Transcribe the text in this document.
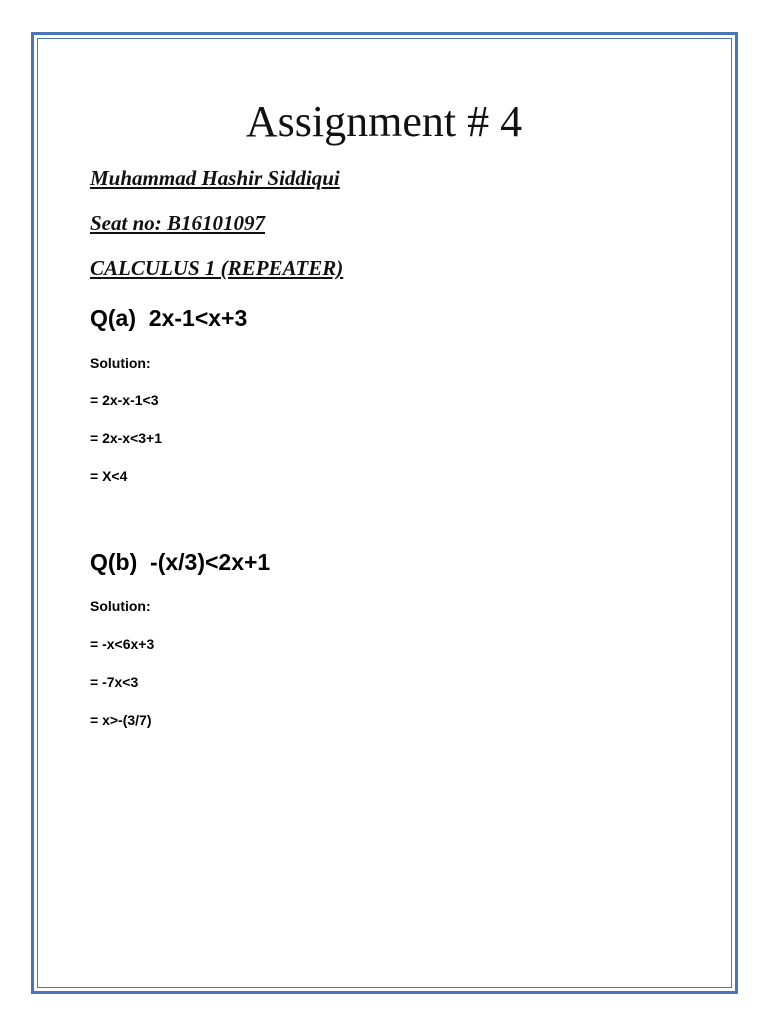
Assignment # 4
Muhammad Hashir Siddiqui
Seat no: B16101097
CALCULUS 1 (REPEATER)
Q(a)  2x-1<x+3
Solution:
= 2x-x-1<3
= 2x-x<3+1
= X<4
Q(b)  -(x/3)<2x+1
Solution:
= -x<6x+3
= -7x<3
= x>-(3/7)
